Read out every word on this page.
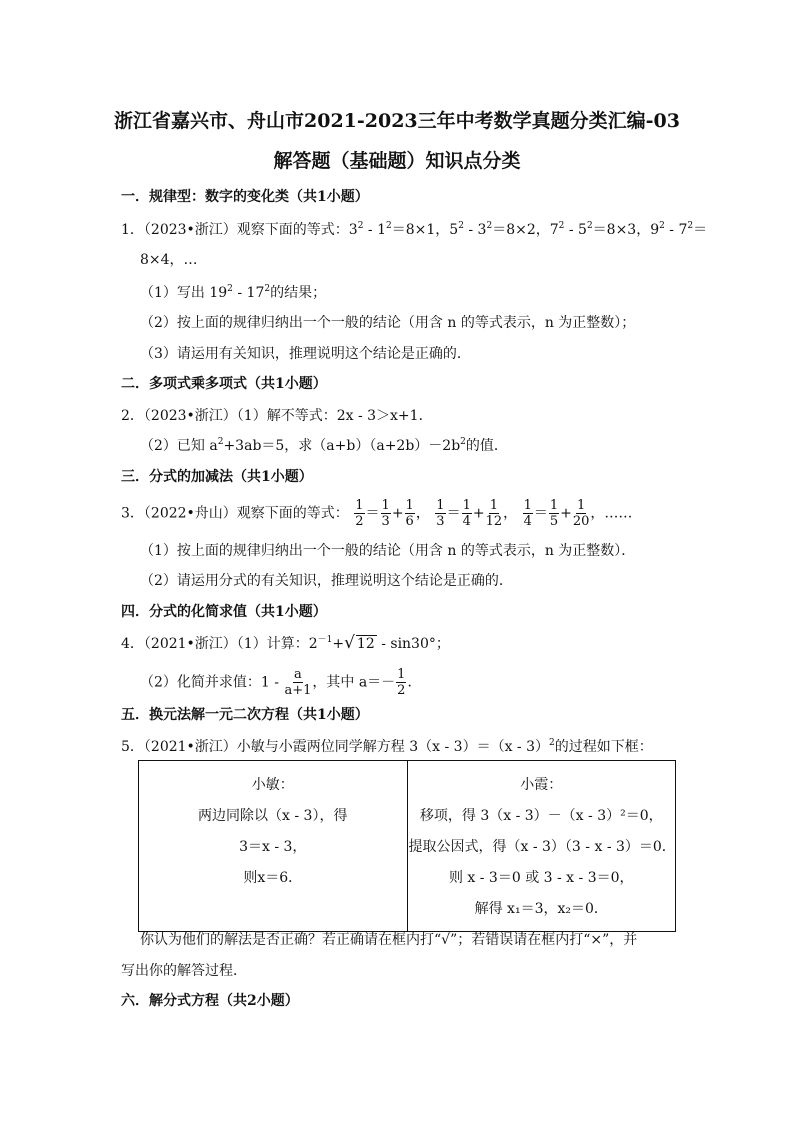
浙江省嘉兴市、舟山市2021-2023三年中考数学真题分类汇编-03
解答题（基础题）知识点分类
一．规律型：数字的变化类（共1小题）
1．（2023•浙江）观察下面的等式：$3^2 - 1^2=8\times 1$，$5^2 - 3^2=8\times 2$，$7^2 - 5^2=8\times 3$，$9^2 - 7^2=$
8×4，…
（1）写出 $19^2 - 17^2$的结果；
（2）按上面的规律归纳出一个一般的结论（用含 n 的等式表示，n 为正整数）；
（3）请运用有关知识，推理说明这个结论是正确的．
二．多项式乘多项式（共1小题）
2．（2023•浙江）（1）解不等式：2x - 3＞x+1．
（2）已知 $a^2+3ab=5$，求$(a+b)(a+2b)-2b^2$的值．
三．分式的加减法（共1小题）
3．（2022•舟山）观察下面的等式： $\frac{1}{2} = \frac{1}{3} + \frac{1}{6}$ ， $\frac{1}{3} = \frac{1}{4} + \frac{1}{12}$ ， $\frac{1}{4} = \frac{1}{5} + \frac{1}{20}$ ，……
（1）按上面的规律归纳出一个一般的结论（用含 n 的等式表示，n 为正整数）．
（2）请运用分式的有关知识，推理说明这个结论是正确的．
四．分式的化简求值（共1小题）
4．（2021•浙江）（1）计算：$2^{-1}+√$ 12 - sin30°；
（2）化简并求值：$1 - \frac{a}{a+1}$ ，其中 $a=- \frac{1}{2}$ ．
五．换元法解一元二次方程（共1小题）
5．（2021•浙江）小敏与小霞两位同学解方程 3（x - 3）＝（x - 3）$^2$的过程如下框：
小敏：
两边同除以（x - 3），得
3＝x - 3，
则x＝6．

小霞：
移项，得 3（x - 3）－（x - 3）²＝0，
提取公因式，得（x - 3）（3 - x - 3）＝0．
则 x - 3＝0 或 3 - x - 3＝0，
解得 x₁＝3，x₂＝0．
你认为他们的解法是否正确？若正确请在框内打“√”；若错误请在框内打“×”，并
写出你的解答过程．
六．解分式方程（共2小题）
